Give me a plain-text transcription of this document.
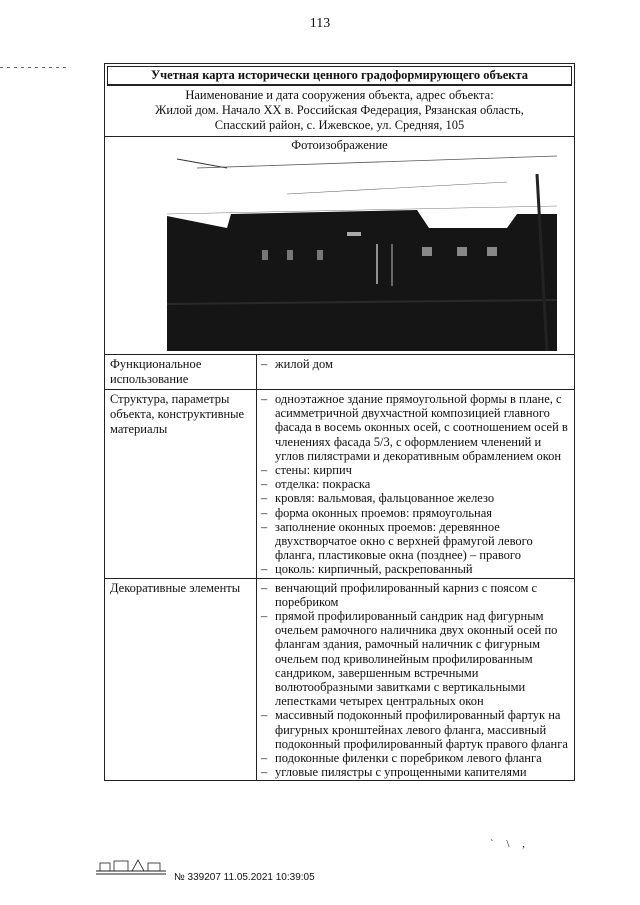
113
Учетная карта исторически ценного градоформирующего объекта
Наименование и дата сооружения объекта, адрес объекта:
Жилой дом. Начало XX в. Российская Федерация, Рязанская область,
Спасский район, с. Ижевское, ул. Средняя, 105
Фотоизображение
Функциональное использование
– жилой дом
Структура, параметры объекта, конструктивные материалы
– одноэтажное здание прямоугольной формы в плане, с асимметричной двухчастной композицией главного фасада в восемь оконных осей, с соотношением осей в членениях фасада 5/3, с оформлением членений и углов пилястрами и декоративным обрамлением окон
– стены: кирпич
– отделка: покраска
– кровля: вальмовая, фальцованное железо
– форма оконных проемов: прямоугольная
– заполнение оконных проемов: деревянное двухстворчатое окно с верхней фрамугой левого фланга, пластиковые окна (позднее) – правого
– цоколь: кирпичный, раскрепованный
Декоративные элементы
–	венчающий профилированный карниз с поясом с поребриком
– прямой профилированный сандрик над фигурным очельем рамочного наличника двух оконный осей по флангам здания, рамочный наличник с фигурным очельем под криволинейным профилированным сандриком, завершенным встречными волютообразными завитками с вертикальными лепестками четырех центральных окон
– массивный подоконный профилированный фартук на фигурных кронштейнах левого фланга, массивный подоконный профилированный фартук правого фланга
– подоконные филенки с поребриком левого фланга
– угловые пилястры с упрощенными капителями
` \ ,
№ 339207 11.05.2021 10:39:05
